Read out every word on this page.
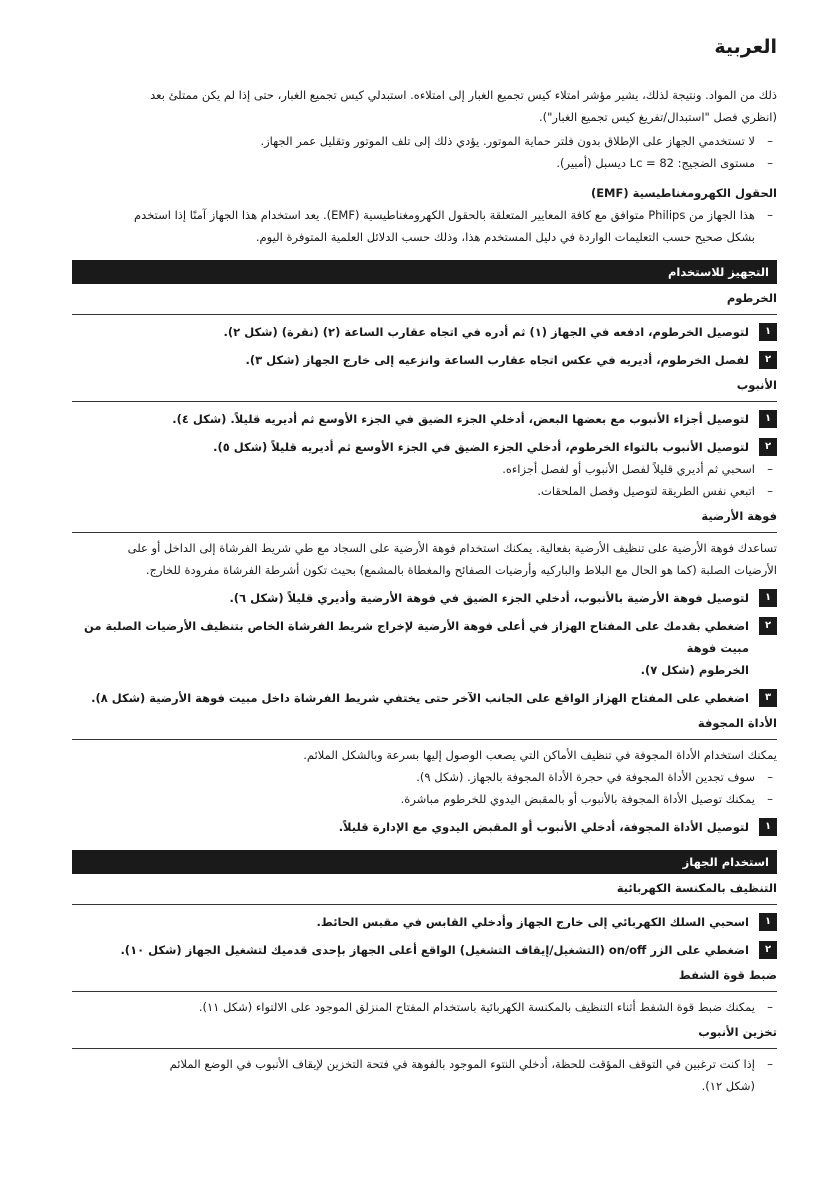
العربية

ذلك من المواد. ونتيجة لذلك، يشير مؤشر امتلاء كيس تجميع الغبار إلى امتلاءه. استبدلي كيس تجميع الغبار، حتى إذا لم يكن ممتلئ بعد

(انظري فصل "استبدال/تفريغ كيس تجميع الغبار").

– لا تستخدمي الجهاز على الإطلاق بدون فلتر حماية الموتور. يؤدي ذلك إلى تلف الموتور وتقليل عمر الجهاز.
– مستوى الضجيج: Lc = 82 ديسبل (أمبير).
الحقول الكهرومغناطيسية (EMF)
– هذا الجهاز من Philips متوافق مع كافة المعايير المتعلقة بالحقول الكهرومغناطيسية (EMF). يعد استخدام هذا الجهاز آمنًا إذا استخدم

بشكل صحيح حسب التعليمات الواردة في دليل المستخدم هذا، وذلك حسب الدلائل العلمية المتوفرة اليوم.

التجهيز للاستخدام
الخرطوم
١
لتوصيل الخرطوم، ادفعه في الجهاز (١) ثم أدره في اتجاه عقارب الساعة (٢) (نقرة) (شكل ٢).
٢
لفصل الخرطوم، أديريه في عكس اتجاه عقارب الساعة وانزعيه إلى خارج الجهاز (شكل ٣).
الأنبوب
١
لتوصيل أجزاء الأنبوب مع بعضها البعض، أدخلي الجزء الضيق في الجزء الأوسع ثم أديريه قليلاً. (شكل ٤).
٢
لتوصيل الأنبوب بالتواء الخرطوم، أدخلي الجزء الضيق في الجزء الأوسع ثم أديريه قليلاً (شكل ٥).
– اسحبي ثم أديري قليلاً لفصل الأنبوب أو لفصل أجزاءه.
– اتبعي نفس الطريقة لتوصيل وفصل الملحقات.
فوهة الأرضية

تساعدك فوهة الأرضية على تنظيف الأرضية بفعالية. يمكنك استخدام فوهة الأرضية على السجاد مع طي شريط الفرشاة إلى الداخل أو على

الأرضيات الصلبة (كما هو الحال مع البلاط والباركيه وأرضيات الصفائح والمغطاة بالمشمع) بحيث تكون أشرطة الفرشاة مفرودة للخارج.

١
لتوصيل فوهة الأرضية بالأنبوب، أدخلي الجزء الضيق في فوهة الأرضية وأديري قليلاً (شكل ٦).
٢
اضغطي بقدمك على المفتاح الهزاز في أعلى فوهة الأرضية لإخراج شريط الفرشاة الخاص بتنظيف الأرضيات الصلبة من مبيت فوهة
الخرطوم (شكل ٧).
٣
اضغطي على المفتاح الهزاز الواقع على الجانب الآخر حتى يختفي شريط الفرشاة داخل مبيت فوهة الأرضية (شكل ٨).
الأداة المجوفة

يمكنك استخدام الأداة المجوفة في تنظيف الأماكن التي يصعب الوصول إليها بسرعة وبالشكل الملائم.

– سوف تجدين الأداة المجوفة في حجرة الأداة المجوفة بالجهاز. (شكل ٩).
– يمكنك توصيل الأداة المجوفة بالأنبوب أو بالمقبض اليدوي للخرطوم مباشرة.
١
لتوصيل الأداة المجوفة، أدخلي الأنبوب أو المقبض اليدوي مع الإدارة قليلاً.
استخدام الجهاز
التنظيف بالمكنسة الكهربائية
١
اسحبي السلك الكهربائي إلى خارج الجهاز وأدخلي القابس في مقبس الحائط.
٢
اضغطي على الزر on/off (التشغيل/إيقاف التشغيل) الواقع أعلى الجهاز بإحدى قدميك لتشغيل الجهاز (شكل ١٠).
ضبط قوة الشفط
– يمكنك ضبط قوة الشفط أثناء التنظيف بالمكنسة الكهربائية باستخدام المفتاح المنزلق الموجود على الالتواء (شكل ١١).
تخزين الأنبوب
– إذا كنت ترغبين في التوقف المؤقت للحظة، أدخلي النتوء الموجود بالفوهة في فتحة التخزين لإيقاف الأنبوب في الوضع الملائم

(شكل ١٢).
